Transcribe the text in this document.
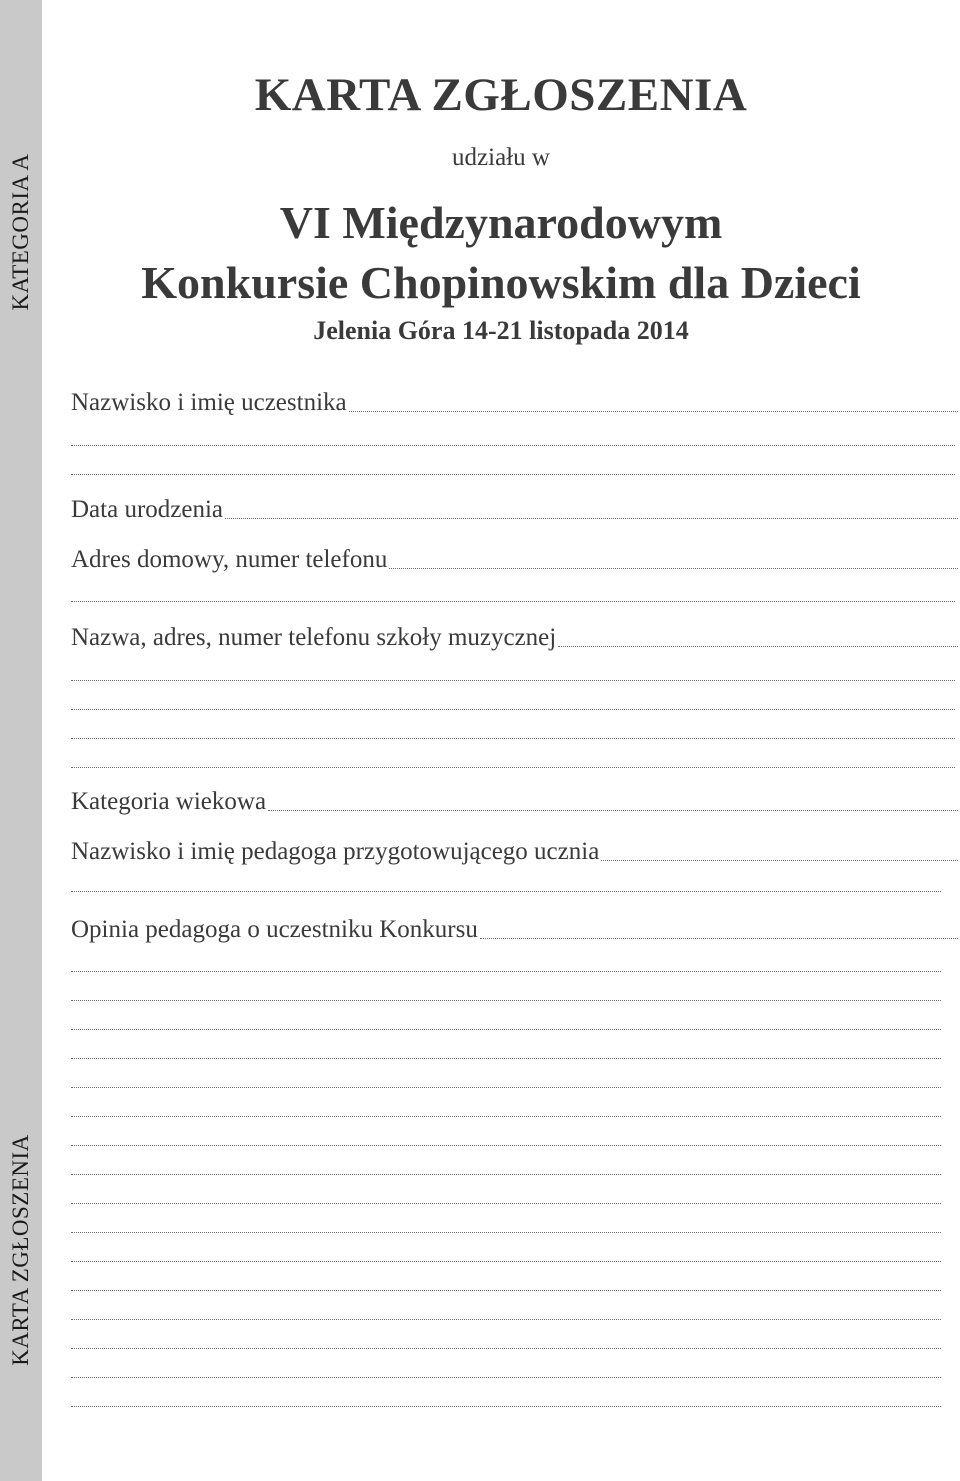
KATEGORIA A
KARTA ZGŁOSZENIA
KARTA ZGŁOSZENIA
udziału w
VI Międzynarodowym
Konkursie Chopinowskim dla Dzieci
Jelenia Góra 14-21 listopada 2014
Nazwisko i imię uczestnika
Data urodzenia
Adres domowy, numer telefonu
Nazwa, adres, numer telefonu szkoły muzycznej
Kategoria wiekowa
Nazwisko i imię pedagoga przygotowującego ucznia
Opinia pedagoga o uczestniku Konkursu
